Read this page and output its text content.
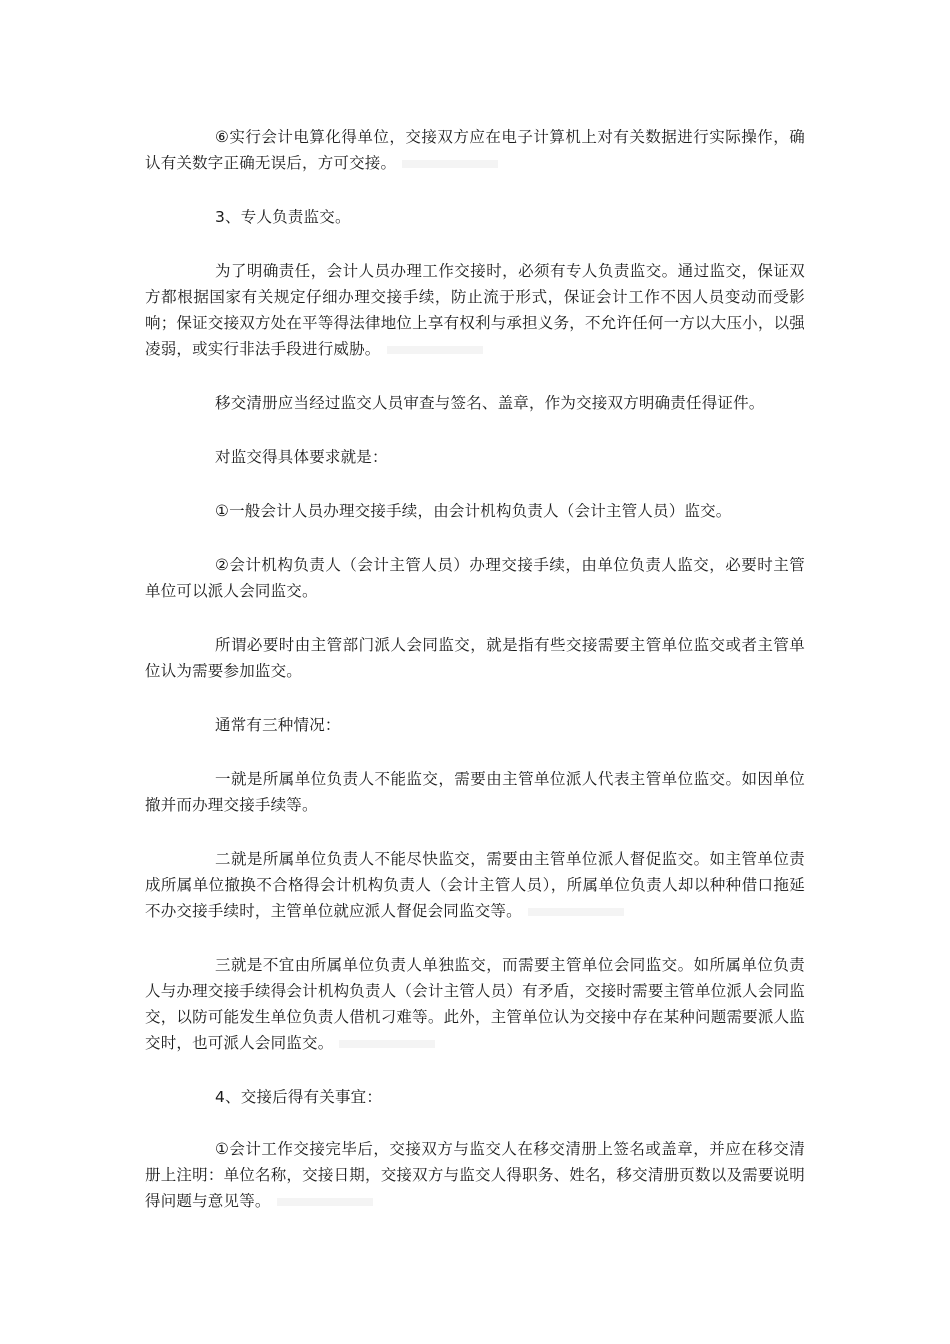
⑥实行会计电算化得单位，交接双方应在电子计算机上对有关数据进行实际操作，确认有关数字正确无误后，方可交接。

3、专人负责监交。

为了明确责任，会计人员办理工作交接时，必须有专人负责监交。通过监交，保证双方都根据国家有关规定仔细办理交接手续，防止流于形式，保证会计工作不因人员变动而受影响；保证交接双方处在平等得法律地位上享有权利与承担义务，不允许任何一方以大压小，以强凌弱，或实行非法手段进行威胁。

移交清册应当经过监交人员审查与签名、盖章，作为交接双方明确责任得证件。

对监交得具体要求就是：

①一般会计人员办理交接手续，由会计机构负责人（会计主管人员）监交。

②会计机构负责人（会计主管人员）办理交接手续，由单位负责人监交，必要时主管单位可以派人会同监交。

所谓必要时由主管部门派人会同监交，就是指有些交接需要主管单位监交或者主管单位认为需要参加监交。

通常有三种情况：

一就是所属单位负责人不能监交，需要由主管单位派人代表主管单位监交。如因单位撤并而办理交接手续等。

二就是所属单位负责人不能尽快监交，需要由主管单位派人督促监交。如主管单位责成所属单位撤换不合格得会计机构负责人（会计主管人员），所属单位负责人却以种种借口拖延不办交接手续时，主管单位就应派人督促会同监交等。

三就是不宜由所属单位负责人单独监交，而需要主管单位会同监交。如所属单位负责人与办理交接手续得会计机构负责人（会计主管人员）有矛盾，交接时需要主管单位派人会同监交，以防可能发生单位负责人借机刁难等。此外，主管单位认为交接中存在某种问题需要派人监交时，也可派人会同监交。

4、交接后得有关事宜：

①会计工作交接完毕后，交接双方与监交人在移交清册上签名或盖章，并应在移交清册上注明：单位名称，交接日期，交接双方与监交人得职务、姓名，移交清册页数以及需要说明得问题与意见等。
